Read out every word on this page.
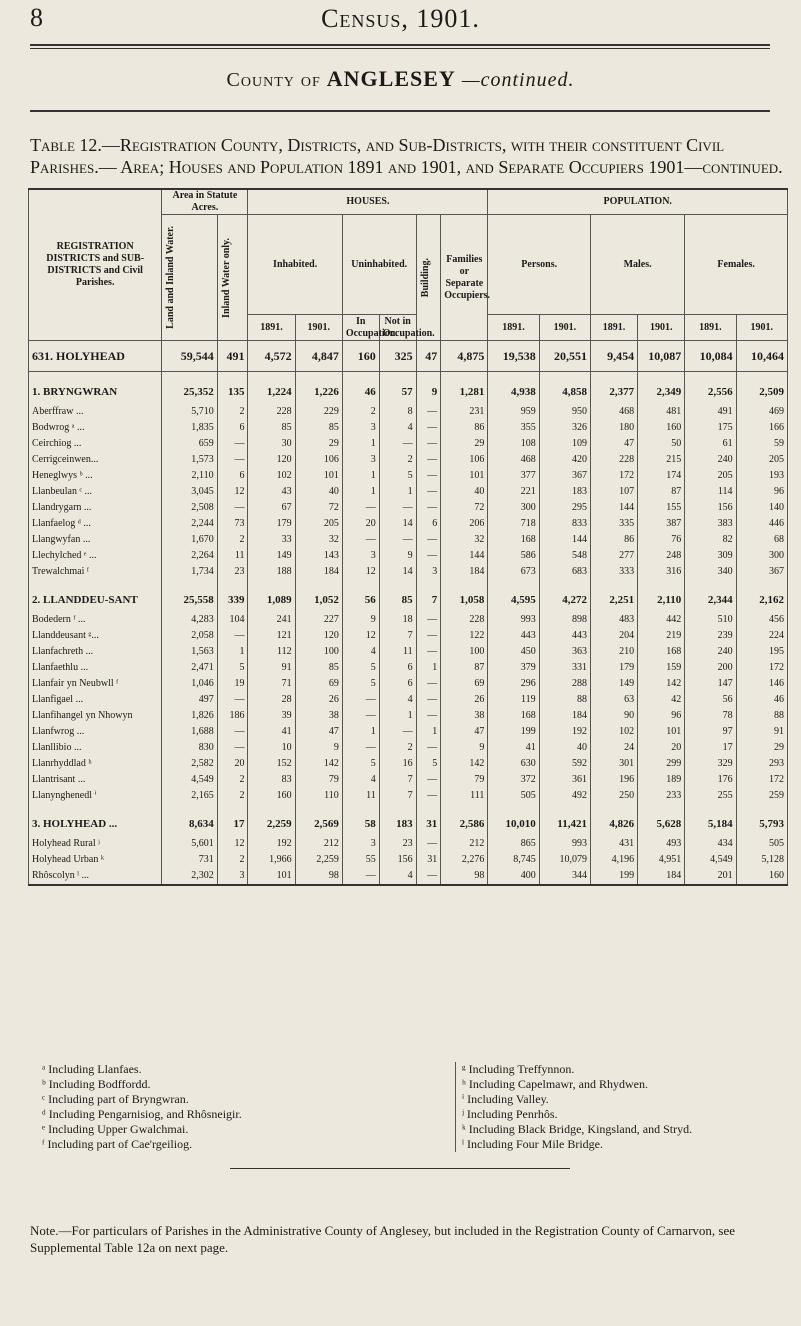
8	Census, 1901.
County of ANGLESEY —continued.
Table 12.—Registration County, Districts, and Sub-Districts, with their constituent Civil Parishes.— Area; Houses and Population 1891 and 1901, and Separate Occupiers 1901—continued.
REGISTRATION DISTRICTS and SUB-DISTRICTS and Civil Parishes.	Area in Statute Acres.		HOUSES.						POPULATION.					

	Land and Inland Water.	Inland Water only.	Inhabited.		Uninhabited.		Building.	Families or Separate Occupiers.	Persons.		Males.		Females.	
			1891.	1901.	In Occupation.	Not in Occupation.			1891.	1901.	1891.	1901.	1891.	1901.
631. HOLYHEAD	59,544	491	4,572	4,847	160	325	47	4,875	19,538	20,551	9,454	10,087	10,084	10,464
1. BRYNGWRAN	25,352	135	1,224	1,226	46	57	9	1,281	4,938	4,858	2,377	2,349	2,556	2,509
Aberffraw ...	5,710	2	228	229	2	8	—	231	959	950	468	481	491	469
Bodwrog ᵃ ...	1,835	6	85	85	3	4	—	86	355	326	180	160	175	166
Ceirchiog ...	659	—	30	29	1	—	—	29	108	109	47	50	61	59
Cerrigceinwen...	1,573	—	120	106	3	2	—	106	468	420	228	215	240	205
Heneglwys ᵇ ...	2,110	6	102	101	1	5	—	101	377	367	172	174	205	193
Llanbeulan ᶜ ...	3,045	12	43	40	1	1	—	40	221	183	107	87	114	96
Llandrygarn ...	2,508	—	67	72	—	—	—	72	300	295	144	155	156	140
Llanfaelog ᵈ ...	2,244	73	179	205	20	14	6	206	718	833	335	387	383	446
Llangwyfan ...	1,670	2	33	32	—	—	—	32	168	144	86	76	82	68
Llechylched ᵉ ...	2,264	11	149	143	3	9	—	144	586	548	277	248	309	300
Trewalchmai ᶠ	1,734	23	188	184	12	14	3	184	673	683	333	316	340	367
2. LLANDDEU-SANT	25,558	339	1,089	1,052	56	85	7	1,058	4,595	4,272	2,251	2,110	2,344	2,162
Bodedern ᶠ ...	4,283	104	241	227	9	18	—	228	993	898	483	442	510	456
Llanddeusant ᵍ...	2,058	—	121	120	12	7	—	122	443	443	204	219	239	224
Llanfachreth ...	1,563	1	112	100	4	11	—	100	450	363	210	168	240	195
Llanfaethlu ...	2,471	5	91	85	5	6	1	87	379	331	179	159	200	172
Llanfair yn Neubwll ᶠ	1,046	19	71	69	5	6	—	69	296	288	149	142	147	146
Llanfigael ...	497	—	28	26	—	4	—	26	119	88	63	42	56	46
Llanfihangel yn Nhowyn	1,826	186	39	38	—	1	—	38	168	184	90	96	78	88
Llanfwrog ...	1,688	—	41	47	1	—	1	47	199	192	102	101	97	91
Llanllibio ...	830	—	10	9	—	2	—	9	41	40	24	20	17	29
Llanrhyddlad ʰ	2,582	20	152	142	5	16	5	142	630	592	301	299	329	293
Llantrisant ...	4,549	2	83	79	4	7	—	79	372	361	196	189	176	172
Llanynghenedl ⁱ	2,165	2	160	110	11	7	—	111	505	492	250	233	255	259
3. HOLYHEAD ...	8,634	17	2,259	2,569	58	183	31	2,586	10,010	11,421	4,826	5,628	5,184	5,793
Holyhead Rural ʲ	5,601	12	192	212	3	23	—	212	865	993	431	493	434	505
Holyhead Urban ᵏ	731	2	1,966	2,259	55	156	31	2,276	8,745	10,079	4,196	4,951	4,549	5,128
Rhôscolyn ˡ ...	2,302	3	101	98	—	4	—	98	400	344	199	184	201	160
ᵃ Including Llanfaes.
ᵇ Including Bodffordd.
ᶜ Including part of Bryngwran.
ᵈ Including Pengarnisiog, and Rhôsneigir.
ᵉ Including Upper Gwalchmai.
ᶠ Including part of Cae'rgeiliog.
ᵍ Including Treffynnon.
ʰ Including Capelmawr, and Rhydwen.
ⁱ Including Valley.
ʲ Including Penrhôs.
ᵏ Including Black Bridge, Kingsland, and Stryd.
ˡ Including Four Mile Bridge.
Note.—For particulars of Parishes in the Administrative County of Anglesey, but included in the Registration County of Carnarvon, see Supplemental Table 12a on next page.
